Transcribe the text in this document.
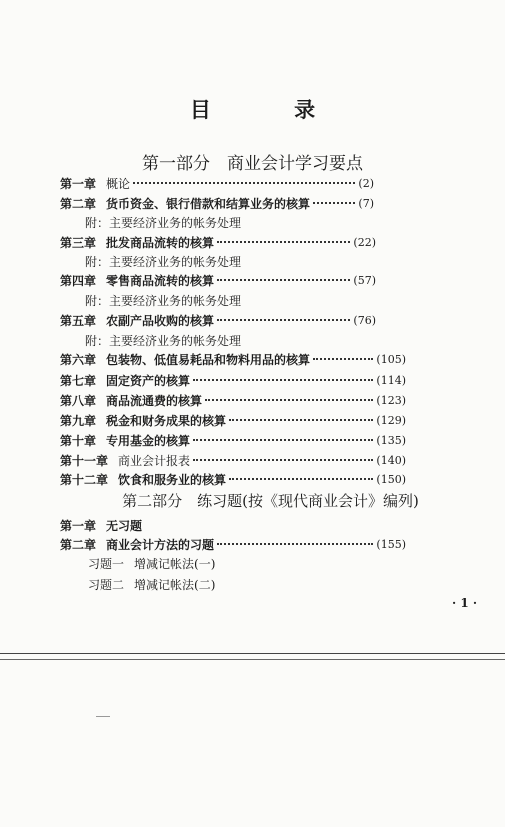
目 录
第一部分　商业会计学习要点
第一章 概论	(2)
第二章 货币资金、银行借款和结算业务的核算	(7)
附：主要经济业务的帐务处理
第三章 批发商品流转的核算	(22)
附：主要经济业务的帐务处理
第四章 零售商品流转的核算	(57)
附：主要经济业务的帐务处理
第五章 农副产品收购的核算	(76)
附：主要经济业务的帐务处理
第六章 包装物、低值易耗品和物料用品的核算	(105)
第七章 固定资产的核算	(114)
第八章 商品流通费的核算	(123)
第九章 税金和财务成果的核算	(129)
第十章 专用基金的核算	(135)
第十一章 商业会计报表	(140)
第十二章 饮食和服务业的核算	(150)
第二部分　练习题(按《现代商业会计》编列)
第一章 无习题
第二章 商业会计方法的习题	(155)
习题一 增减记帐法(一)
习题二 增减记帐法(二)
· 1 ·
